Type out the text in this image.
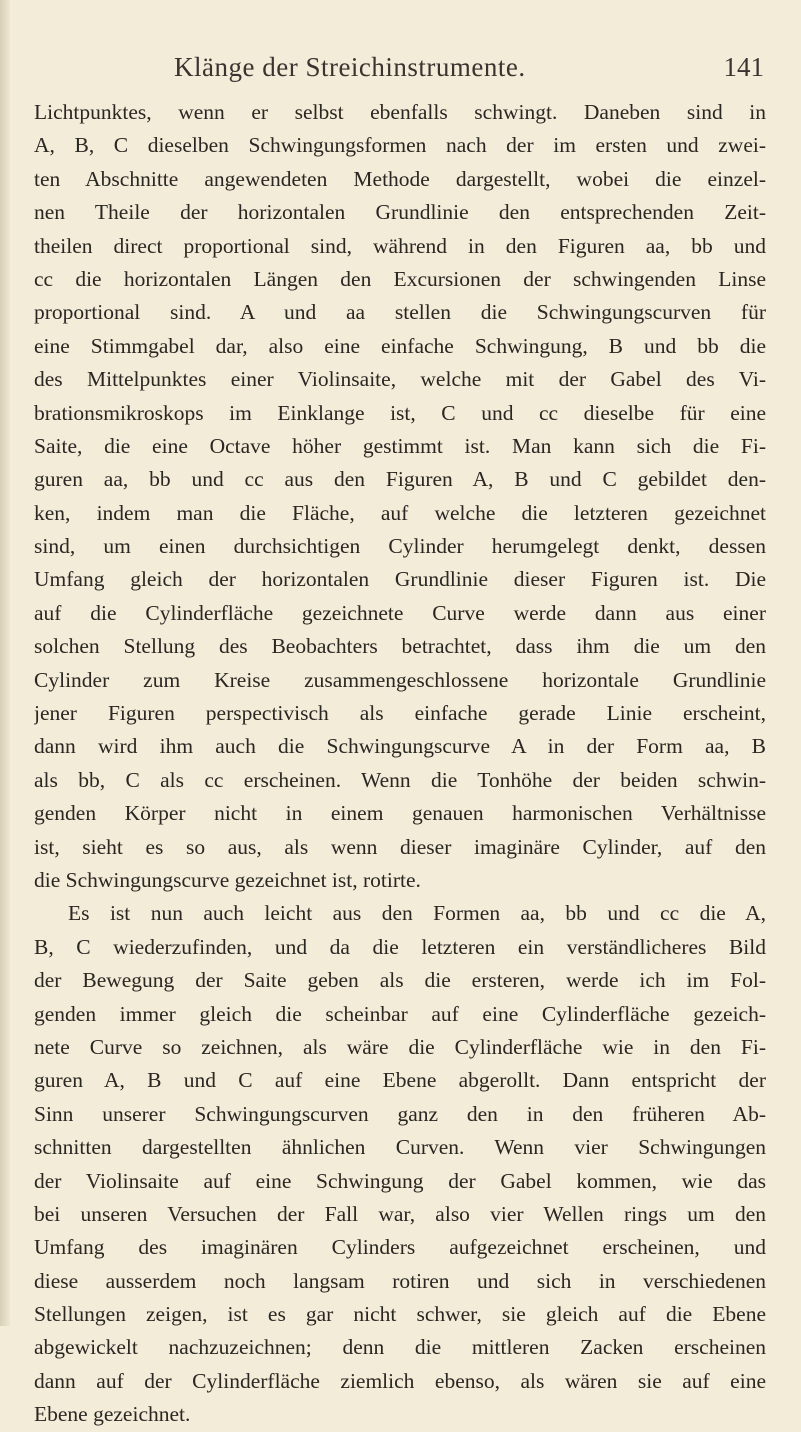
Klänge der Streichinstrumente.	141
Lichtpunktes, wenn er selbst ebenfalls schwingt. Daneben sind in
A, B, C dieselben Schwingungsformen nach der im ersten und zwei-
ten Abschnitte angewendeten Methode dargestellt, wobei die einzel-
nen Theile der horizontalen Grundlinie den entsprechenden Zeit-
theilen direct proportional sind, während in den Figuren aa, bb und
cc die horizontalen Längen den Excursionen der schwingenden Linse
proportional sind. A und aa stellen die Schwingungscurven für
eine Stimmgabel dar, also eine einfache Schwingung, B und bb die
des Mittelpunktes einer Violinsaite, welche mit der Gabel des Vi-
brationsmikroskops im Einklange ist, C und cc dieselbe für eine
Saite, die eine Octave höher gestimmt ist. Man kann sich die Fi-
guren aa, bb und cc aus den Figuren A, B und C gebildet den-
ken, indem man die Fläche, auf welche die letzteren gezeichnet
sind, um einen durchsichtigen Cylinder herumgelegt denkt, dessen
Umfang gleich der horizontalen Grundlinie dieser Figuren ist. Die
auf die Cylinderfläche gezeichnete Curve werde dann aus einer
solchen Stellung des Beobachters betrachtet, dass ihm die um den
Cylinder zum Kreise zusammengeschlossene horizontale Grundlinie
jener Figuren perspectivisch als einfache gerade Linie erscheint,
dann wird ihm auch die Schwingungscurve A in der Form aa, B
als bb, C als cc erscheinen. Wenn die Tonhöhe der beiden schwin-
genden Körper nicht in einem genauen harmonischen Verhältnisse
ist, sieht es so aus, als wenn dieser imaginäre Cylinder, auf den
die Schwingungscurve gezeichnet ist, rotirte.
Es ist nun auch leicht aus den Formen aa, bb und cc die A,
B, C wiederzufinden, und da die letzteren ein verständlicheres Bild
der Bewegung der Saite geben als die ersteren, werde ich im Fol-
genden immer gleich die scheinbar auf eine Cylinderfläche gezeich-
nete Curve so zeichnen, als wäre die Cylinderfläche wie in den Fi-
guren A, B und C auf eine Ebene abgerollt. Dann entspricht der
Sinn unserer Schwingungscurven ganz den in den früheren Ab-
schnitten dargestellten ähnlichen Curven. Wenn vier Schwingungen
der Violinsaite auf eine Schwingung der Gabel kommen, wie das
bei unseren Versuchen der Fall war, also vier Wellen rings um den
Umfang des imaginären Cylinders aufgezeichnet erscheinen, und
diese ausserdem noch langsam rotiren und sich in verschiedenen
Stellungen zeigen, ist es gar nicht schwer, sie gleich auf die Ebene
abgewickelt nachzuzeichnen; denn die mittleren Zacken erscheinen
dann auf der Cylinderfläche ziemlich ebenso, als wären sie auf eine
Ebene gezeichnet.
